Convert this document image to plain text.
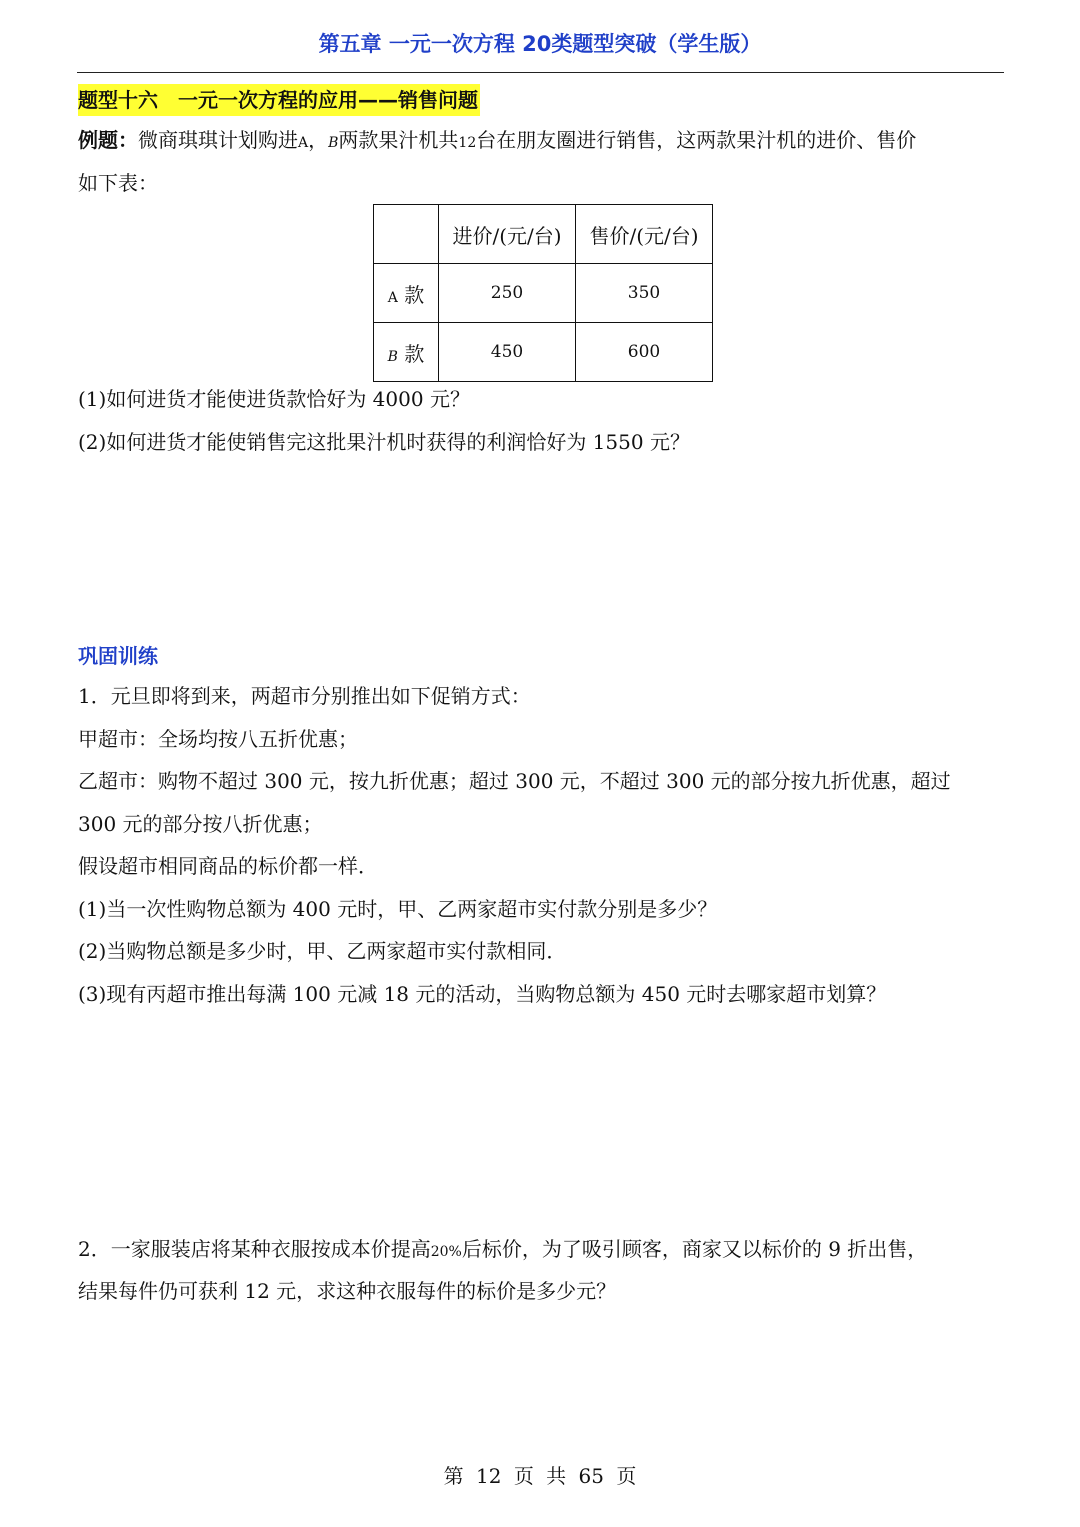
第五章 一元一次方程 20类题型突破（学生版）
题型十六　一元一次方程的应用——销售问题
例题：微商琪琪计划购进A，B两款果汁机共12台在朋友圈进行销售，这两款果汁机的进价、售价
如下表：
	进价/(元/台)	售价/(元/台)
A 款	250	350
B 款	450	600
(1)如何进货才能使进货款恰好为 4000 元？
(2)如何进货才能使销售完这批果汁机时获得的利润恰好为 1550 元？
巩固训练
1．元旦即将到来，两超市分别推出如下促销方式：
甲超市：全场均按八五折优惠；
乙超市：购物不超过 300 元，按九折优惠；超过 300 元，不超过 300 元的部分按九折优惠，超过
300 元的部分按八折优惠；
假设超市相同商品的标价都一样．
(1)当一次性购物总额为 400 元时，甲、乙两家超市实付款分别是多少？
(2)当购物总额是多少时，甲、乙两家超市实付款相同．
(3)现有丙超市推出每满 100 元减 18 元的活动，当购物总额为 450 元时去哪家超市划算？
2．一家服装店将某种衣服按成本价提高20%后标价，为了吸引顾客，商家又以标价的 9 折出售，
结果每件仍可获利 12 元，求这种衣服每件的标价是多少元？
第 12 页 共 65 页
